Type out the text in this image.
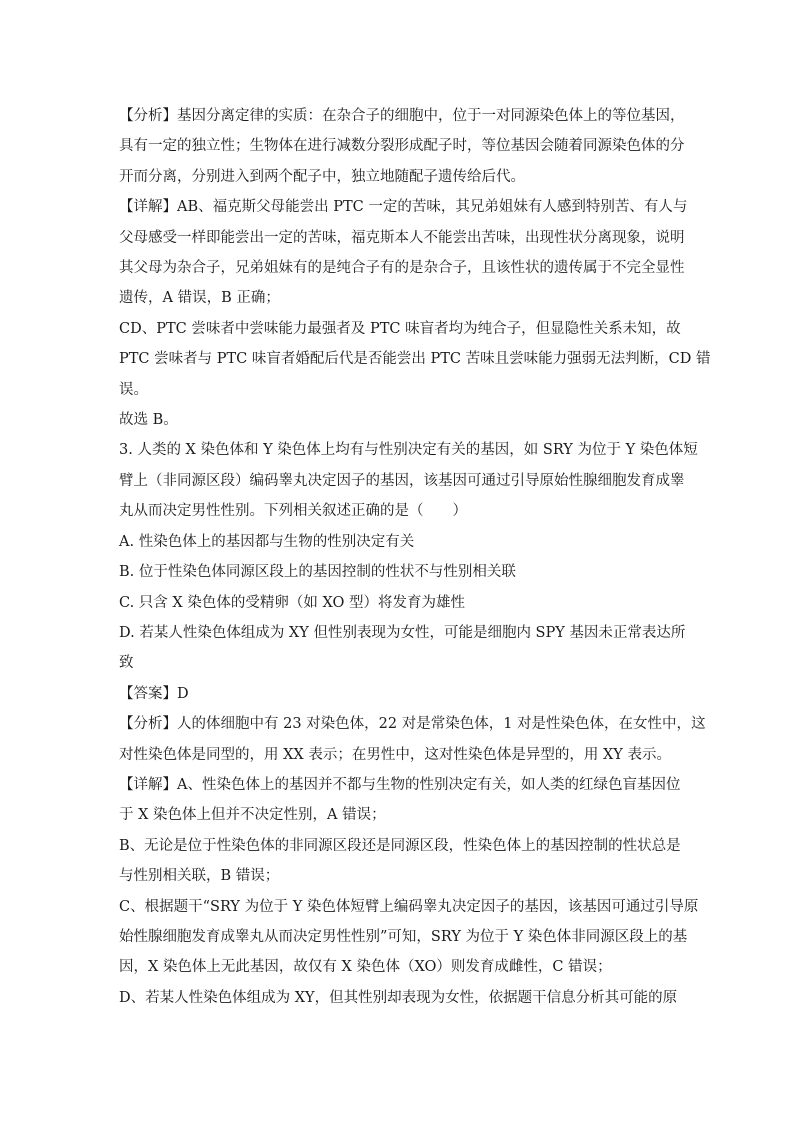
【分析】基因分离定律的实质：在杂合子的细胞中，位于一对同源染色体上的等位基因，
具有一定的独立性；生物体在进行减数分裂形成配子时，等位基因会随着同源染色体的分
开而分离，分别进入到两个配子中，独立地随配子遗传给后代。

【详解】AB、福克斯父母能尝出 PTC 一定的苦味，其兄弟姐妹有人感到特别苦、有人与
父母感受一样即能尝出一定的苦味，福克斯本人不能尝出苦味，出现性状分离现象，说明
其父母为杂合子，兄弟姐妹有的是纯合子有的是杂合子，且该性状的遗传属于不完全显性
遗传，A 错误，B 正确；

CD、PTC 尝味者中尝味能力最强者及 PTC 味盲者均为纯合子，但显隐性关系未知，故
PTC 尝味者与 PTC 味盲者婚配后代是否能尝出 PTC 苦味且尝味能力强弱无法判断，CD 错
误。

故选 B。

3. 人类的 X 染色体和 Y 染色体上均有与性别决定有关的基因，如 SRY 为位于 Y 染色体短
臂上（非同源区段）编码睾丸决定因子的基因，该基因可通过引导原始性腺细胞发育成睾
丸从而决定男性性别。下列相关叙述正确的是（　　）

A. 性染色体上的基因都与生物的性别决定有关

B. 位于性染色体同源区段上的基因控制的性状不与性别相关联

C. 只含 X 染色体的受精卵（如 XO 型）将发育为雄性

D. 若某人性染色体组成为 XY 但性别表现为女性，可能是细胞内 SPY 基因未正常表达所
致

【答案】D

【分析】人的体细胞中有 23 对染色体，22 对是常染色体，1 对是性染色体，在女性中，这
对性染色体是同型的，用 XX 表示；在男性中，这对性染色体是异型的，用 XY 表示。

【详解】A、性染色体上的基因并不都与生物的性别决定有关，如人类的红绿色盲基因位
于 X 染色体上但并不决定性别，A 错误；

B、无论是位于性染色体的非同源区段还是同源区段，性染色体上的基因控制的性状总是
与性别相关联，B 错误；

C、根据题干“SRY 为位于 Y 染色体短臂上编码睾丸决定因子的基因，该基因可通过引导原
始性腺细胞发育成睾丸从而决定男性性别”可知，SRY 为位于 Y 染色体非同源区段上的基
因，X 染色体上无此基因，故仅有 X 染色体（XO）则发育成雌性，C 错误；

D、若某人性染色体组成为 XY，但其性别却表现为女性，依据题干信息分析其可能的原
